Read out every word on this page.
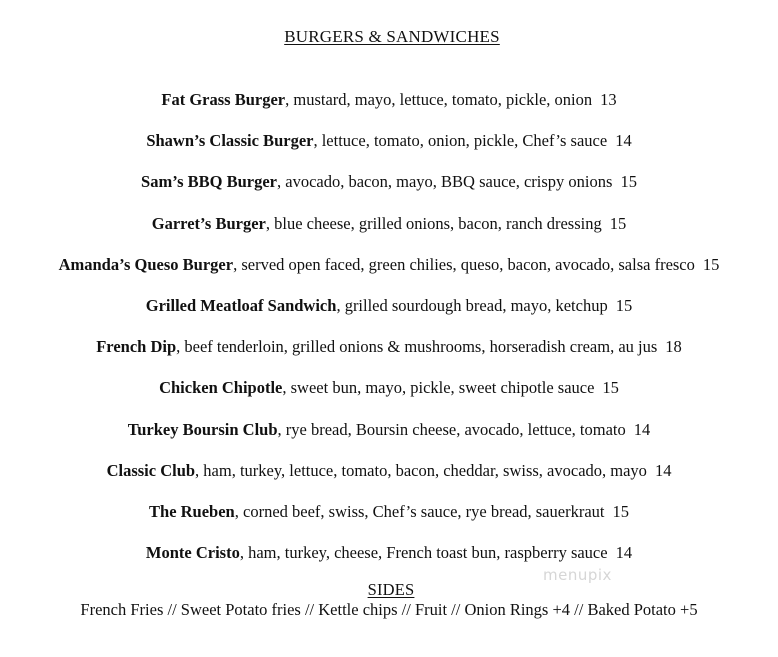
BURGERS & SANDWICHES
Fat Grass Burger, mustard, mayo, lettuce, tomato, pickle, onion 13
Shawn’s Classic Burger, lettuce, tomato, onion, pickle, Chef’s sauce 14
Sam’s BBQ Burger, avocado, bacon, mayo, BBQ sauce, crispy onions 15
Garret’s Burger, blue cheese, grilled onions, bacon, ranch dressing 15
Amanda’s Queso Burger, served open faced, green chilies, queso, bacon, avocado, salsa fresco 15
Grilled Meatloaf Sandwich, grilled sourdough bread, mayo, ketchup 15
French Dip, beef tenderloin, grilled onions & mushrooms, horseradish cream, au jus 18
Chicken Chipotle, sweet bun, mayo, pickle, sweet chipotle sauce 15
Turkey Boursin Club, rye bread, Boursin cheese, avocado, lettuce, tomato 14
Classic Club, ham, turkey, lettuce, tomato, bacon, cheddar, swiss, avocado, mayo 14
The Rueben, corned beef, swiss, Chef’s sauce, rye bread, sauerkraut 15
Monte Cristo, ham, turkey, cheese, French toast bun, raspberry sauce 14
menupix
SIDES
French Fries // Sweet Potato fries // Kettle chips // Fruit // Onion Rings +4 // Baked Potato +5
